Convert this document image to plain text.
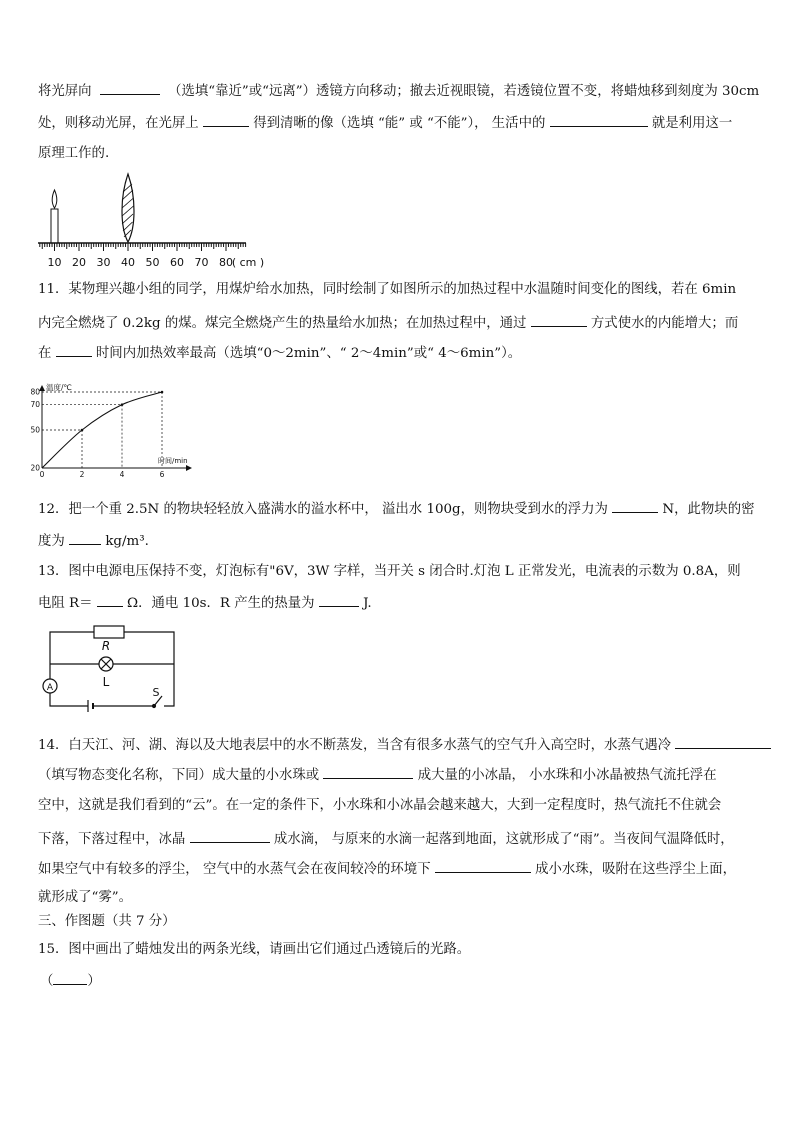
将光屏向	（选填“靠近”或“远离”）透镜方向移动；撤去近视眼镜，若透镜位置不变，将蜡烛移到刻度为 30cm
处，则移动光屏，在光屏上	得到清晰的像（选填 “能” 或 “不能”）， 生活中的	就是利用这一
原理工作的.
10 20 30 40 50 60 70 80
( cm )
11．某物理兴趣小组的同学，用煤炉给水加热，同时绘制了如图所示的加热过程中水温随时间变化的图线，若在 6min
内完全燃烧了 0.2kg 的煤。煤完全燃烧产生的热量给水加热；在加热过程中，通过	方式使水的内能增大；而
在	时间内加热效率最高（选填“0～2min”、“ 2～4min”或“ 4～6min”）。
20
50
70
80
0	2	4	6
温度/℃
时间/min
12．把一个重 2.5N 的物块轻轻放入盛满水的溢水杯中， 溢出水 100g，则物块受到水的浮力为	N，此物块的密
度为	kg/m³.
13．图中电源电压保持不变，灯泡标有"6V，3W 字样，当开关 s 闭合时.灯泡 L 正常发光，电流表的示数为 0.8A，则
电阻 R＝	Ω．通电 10s．R 产生的热量为	J.
R
L
A	S
14．白天江、河、湖、海以及大地表层中的水不断蒸发，当含有很多水蒸气的空气升入高空时，水蒸气遇冷
（填写物态变化名称，下同）成大量的小水珠或	成大量的小冰晶， 小水珠和小冰晶被热气流托浮在
空中，这就是我们看到的“云”。在一定的条件下，小水珠和小冰晶会越来越大，大到一定程度时，热气流托不住就会
下落，下落过程中，冰晶	成水滴， 与原来的水滴一起落到地面，这就形成了“雨”。当夜间气温降低时，
如果空气中有较多的浮尘， 空气中的水蒸气会在夜间较冷的环境下	成小水珠，吸附在这些浮尘上面，
就形成了“雾”。
三、作图题（共 7 分）
15．图中画出了蜡烛发出的两条光线，请画出它们通过凸透镜后的光路。
（	）
